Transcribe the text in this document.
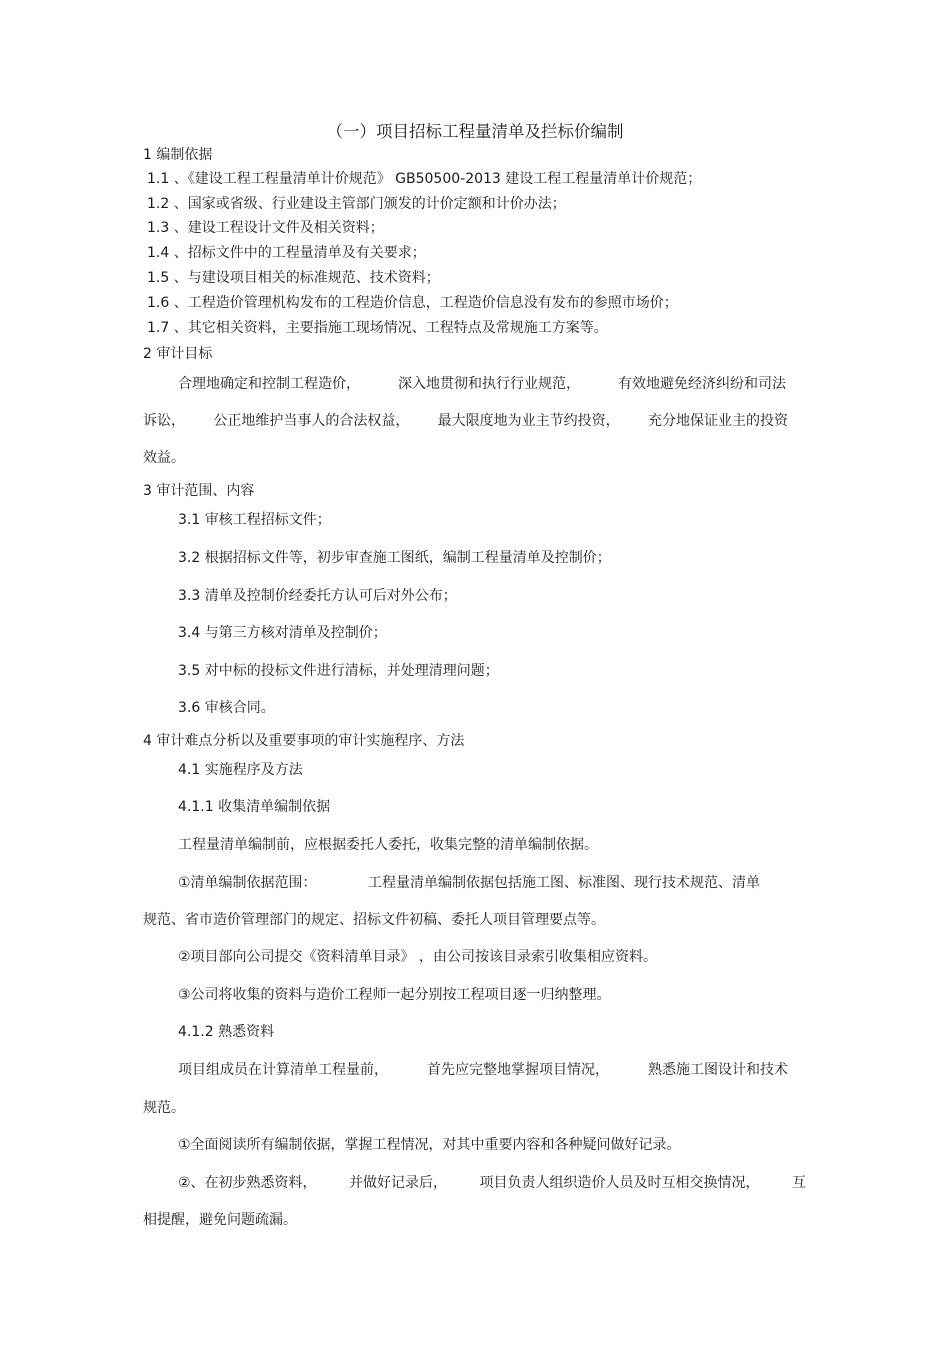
（一）项目招标工程量清单及拦标价编制
1 编制依据
1.1 、《建设工程工程量清单计价规范》 GB50500-2013 建设工程工程量清单计价规范；
1.2 、国家或省级、行业建设主管部门颁发的计价定额和计价办法；
1.3 、建设工程设计文件及相关资料；
1.4 、招标文件中的工程量清单及有关要求；
1.5 、与建设项目相关的标准规范、技术资料；
1.6 、工程造价管理机构发布的工程造价信息，工程造价信息没有发布的参照市场价；
1.7 、其它相关资料，主要指施工现场情况、工程特点及常规施工方案等。
2 审计目标
合理地确定和控制工程造价，	深入地贯彻和执行行业规范，	有效地避免经济纠纷和司法
诉讼， 公正地维护当事人的合法权益， 最大限度地为业主节约投资， 充分地保证业主的投资
效益。
3 审计范围、内容
3.1 审核工程招标文件；
3.2 根据招标文件等，初步审查施工图纸，编制工程量清单及控制价；
3.3 清单及控制价经委托方认可后对外公布；
3.4 与第三方核对清单及控制价；
3.5 对中标的投标文件进行清标，并处理清理问题；
3.6 审核合同。
4 审计难点分析以及重要事项的审计实施程序、方法
4.1 实施程序及方法
4.1.1 收集清单编制依据
工程量清单编制前，应根据委托人委托，收集完整的清单编制依据。
①清单编制依据范围：	工程量清单编制依据包括施工图、标准图、现行技术规范、清单
规范、省市造价管理部门的规定、招标文件初稿、委托人项目管理要点等。
②项目部向公司提交《资料清单目录》 ，由公司按该目录索引收集相应资料。
③公司将收集的资料与造价工程师一起分别按工程项目逐一归纳整理。
4.1.2 熟悉资料
项目组成员在计算清单工程量前，	首先应完整地掌握项目情况，	熟悉施工图设计和技术
规范。
①全面阅读所有编制依据，掌握工程情况，对其中重要内容和各种疑问做好记录。
②、在初步熟悉资料， 并做好记录后， 项目负责人组织造价人员及时互相交换情况， 互
相提醒，避免问题疏漏。
